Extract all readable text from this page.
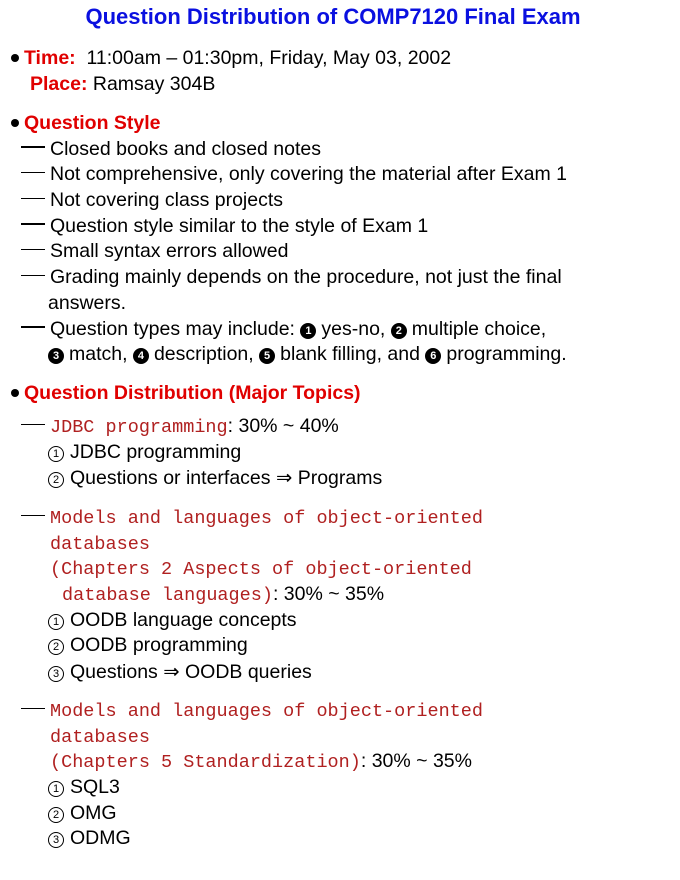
Question Distribution of COMP7120 Final Exam
Time: 11:00am – 01:30pm, Friday, May 03, 2002
Place: Ramsay 304B
Question Style
Closed books and closed notes
Not comprehensive, only covering the material after Exam 1
Not covering class projects
Question style similar to the style of Exam 1
Small syntax errors allowed
Grading mainly depends on the procedure, not just the final
answers.
Question types may include: 1 yes-no, 2 multiple choice,
3 match, 4 description, 5 blank filling, and 6 programming.
Question Distribution (Major Topics)
JDBC programming: 30% ~ 40%
1 JDBC programming
2 Questions or interfaces ⇒ Programs
Models and languages of object-oriented
databases
(Chapters 2 Aspects of object-oriented
database languages): 30% ~ 35%
1 OODB language concepts
2 OODB programming
3 Questions ⇒ OODB queries
Models and languages of object-oriented
databases
(Chapters 5 Standardization): 30% ~ 35%
1 SQL3
2 OMG
3 ODMG
